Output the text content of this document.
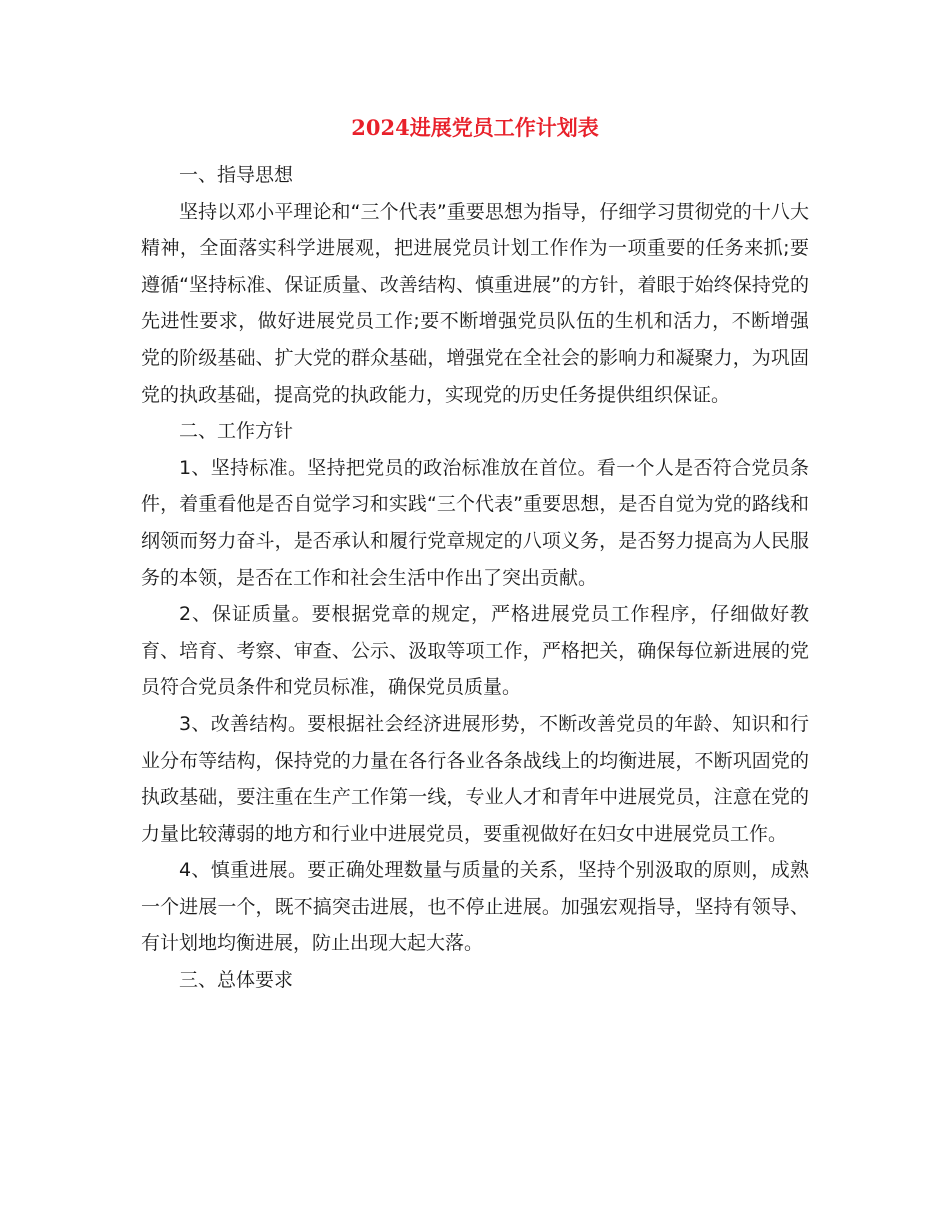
2024进展党员工作计划表

一、指导思想

坚持以邓小平理论和“三个代表”重要思想为指导，仔细学习贯彻党的十八大精神，全面落实科学进展观，把进展党员计划工作作为一项重要的任务来抓;要遵循“坚持标准、保证质量、改善结构、慎重进展”的方针，着眼于始终保持党的先进性要求，做好进展党员工作;要不断增强党员队伍的生机和活力，不断增强党的阶级基础、扩大党的群众基础，增强党在全社会的影响力和凝聚力，为巩固党的执政基础，提高党的执政能力，实现党的历史任务提供组织保证。

二、工作方针

1、坚持标准。坚持把党员的政治标准放在首位。看一个人是否符合党员条件，着重看他是否自觉学习和实践“三个代表”重要思想，是否自觉为党的路线和纲领而努力奋斗，是否承认和履行党章规定的八项义务，是否努力提高为人民服务的本领，是否在工作和社会生活中作出了突出贡献。

2、保证质量。要根据党章的规定，严格进展党员工作程序，仔细做好教育、培育、考察、审查、公示、汲取等项工作，严格把关，确保每位新进展的党员符合党员条件和党员标准，确保党员质量。

3、改善结构。要根据社会经济进展形势，不断改善党员的年龄、知识和行业分布等结构，保持党的力量在各行各业各条战线上的均衡进展，不断巩固党的执政基础，要注重在生产工作第一线，专业人才和青年中进展党员，注意在党的力量比较薄弱的地方和行业中进展党员，要重视做好在妇女中进展党员工作。

4、慎重进展。要正确处理数量与质量的关系，坚持个别汲取的原则，成熟一个进展一个，既不搞突击进展，也不停止进展。加强宏观指导，坚持有领导、有计划地均衡进展，防止出现大起大落。

三、总体要求
